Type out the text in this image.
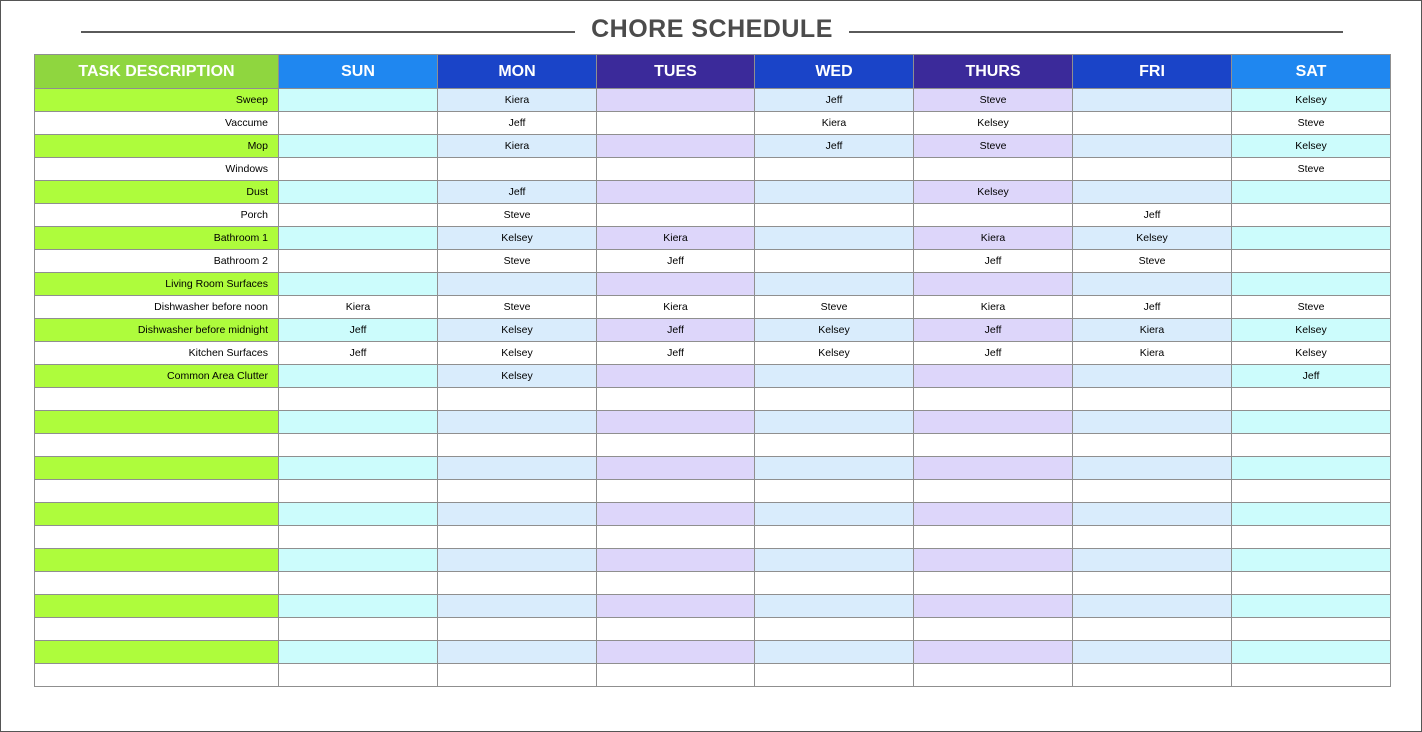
CHORE SCHEDULE
TASK DESCRIPTION	SUN	MON	TUES	WED	THURS	FRI	SAT
Sweep		Kiera		Jeff	Steve		Kelsey
Vaccume		Jeff		Kiera	Kelsey		Steve
Mop		Kiera		Jeff	Steve		Kelsey
Windows							Steve
Dust		Jeff			Kelsey		
Porch		Steve				Jeff	
Bathroom 1		Kelsey	Kiera		Kiera	Kelsey	
Bathroom 2		Steve	Jeff		Jeff	Steve	
Living Room Surfaces							
Dishwasher before noon	Kiera	Steve	Kiera	Steve	Kiera	Jeff	Steve
Dishwasher before midnight	Jeff	Kelsey	Jeff	Kelsey	Jeff	Kiera	Kelsey
Kitchen Surfaces	Jeff	Kelsey	Jeff	Kelsey	Jeff	Kiera	Kelsey
Common Area Clutter		Kelsey					Jeff
